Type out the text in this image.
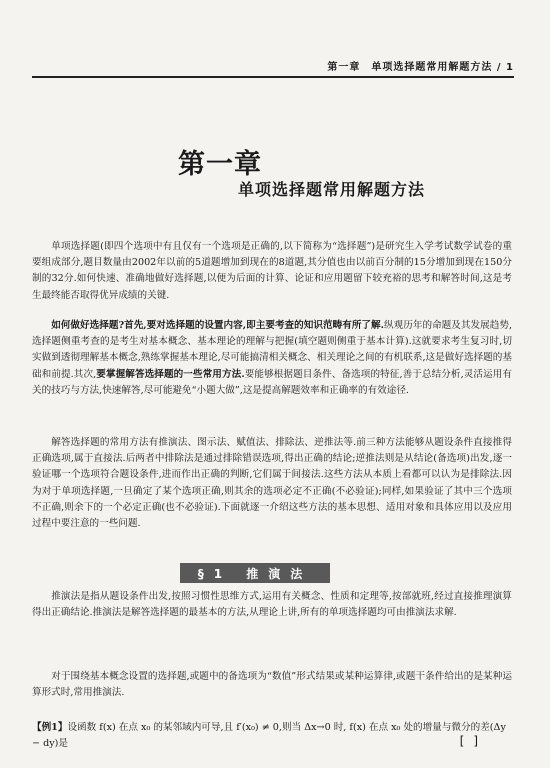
第一章　单项选择题常用解题方法 / 1
第一章
单项选择题常用解题方法

单项选择题(即四个选项中有且仅有一个选项是正确的,以下简称为“选择题”)是研究生入学考试数学试卷的重要组成部分,题目数量由2002年以前的5道题增加到现在的8道题,其分值也由以前百分制的15分增加到现在150分制的32分.如何快速、准确地做好选择题,以便为后面的计算、论证和应用题留下较充裕的思考和解答时间,这是考生最终能否取得优异成绩的关键.

如何做好选择题?首先,要对选择题的设置内容,即主要考查的知识范畴有所了解.纵观历年的命题及其发展趋势,选择题侧重考查的是考生对基本概念、基本理论的理解与把握(填空题则侧重于基本计算).这就要求考生复习时,切实做到透彻理解基本概念,熟练掌握基本理论,尽可能搞清相关概念、相关理论之间的有机联系,这是做好选择题的基础和前提.其次,要掌握解答选择题的一些常用方法.要能够根据题目条件、备选项的特征,善于总结分析,灵活运用有关的技巧与方法,快速解答,尽可能避免“小题大做”,这是提高解题效率和正确率的有效途径.

解答选择题的常用方法有推演法、图示法、赋值法、排除法、逆推法等.前三种方法能够从题设条件直接推得正确选项,属于直接法.后两者中排除法是通过排除错误选项,得出正确的结论;逆推法则是从结论(备选项)出发,逐一验证哪一个选项符合题设条件,进而作出正确的判断,它们属于间接法.这些方法从本质上看都可以认为是排除法.因为对于单项选择题,一旦确定了某个选项正确,则其余的选项必定不正确(不必验证);同样,如果验证了其中三个选项不正确,则余下的一个必定正确(也不必验证).下面就逐一介绍这些方法的基本思想、适用对象和具体应用以及应用过程中要注意的一些问题.

§1 推演法

推演法是指从题设条件出发,按照习惯性思维方式,运用有关概念、性质和定理等,按部就班,经过直接推理演算得出正确结论.推演法是解答选择题的最基本的方法,从理论上讲,所有的单项选择题均可由推演法求解.

对于围绕基本概念设置的选择题,或题中的备选项为“数值”形式结果或某种运算律,或题干条件给出的是某种运算形式时,常用推演法.

【例1】设函数 f(x) 在点 x₀ 的某邻域内可导,且 f′(x₀) ≠ 0,则当 Δx→0 时, f(x) 在点 x₀ 处的增量与微分的差(Δy − dy)是	[ ]
